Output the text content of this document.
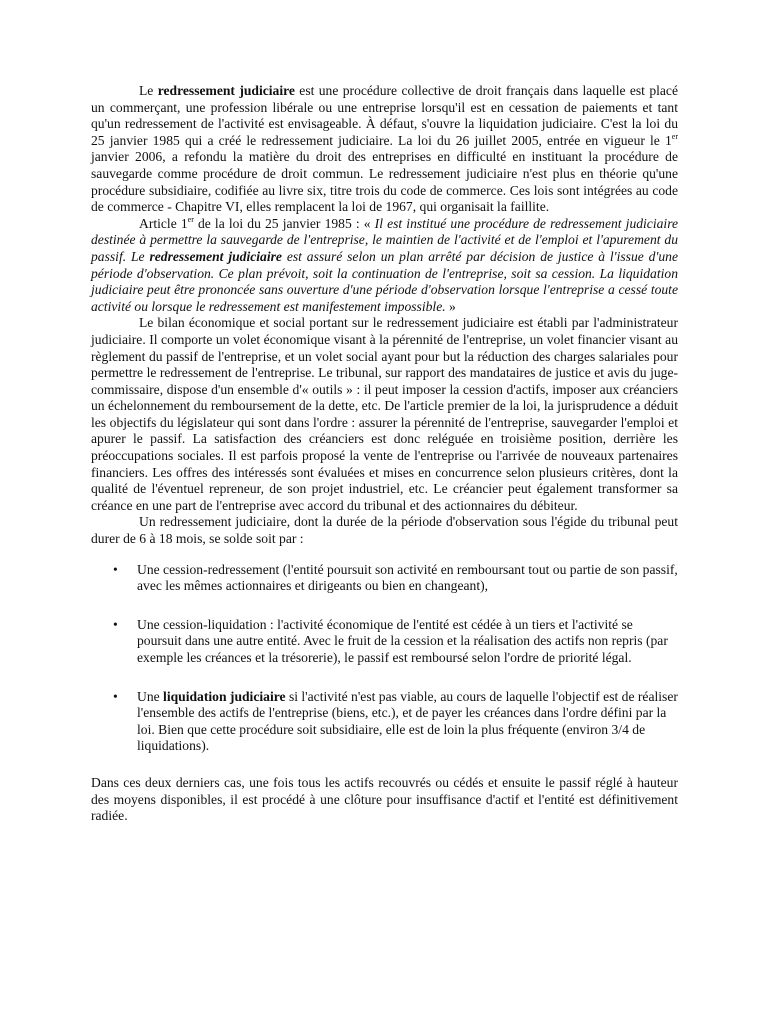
Le redressement judiciaire est une procédure collective de droit français dans laquelle est placé un commerçant, une profession libérale ou une entreprise lorsqu'il est en cessation de paiements et tant qu'un redressement de l'activité est envisageable. À défaut, s'ouvre la liquidation judiciaire. C'est la loi du 25 janvier 1985 qui a créé le redressement judiciaire. La loi du 26 juillet 2005, entrée en vigueur le 1er janvier 2006, a refondu la matière du droit des entreprises en difficulté en instituant la procédure de sauvegarde comme procédure de droit commun. Le redressement judiciaire n'est plus en théorie qu'une procédure subsidiaire, codifiée au livre six, titre trois du code de commerce. Ces lois sont intégrées au code de commerce - Chapitre VI, elles remplacent la loi de 1967, qui organisait la faillite.

Article 1er de la loi du 25 janvier 1985 : « Il est institué une procédure de redressement judiciaire destinée à permettre la sauvegarde de l'entreprise, le maintien de l'activité et de l'emploi et l'apurement du passif. Le redressement judiciaire est assuré selon un plan arrêté par décision de justice à l'issue d'une période d'observation. Ce plan prévoit, soit la continuation de l'entreprise, soit sa cession. La liquidation judiciaire peut être prononcée sans ouverture d'une période d'observation lorsque l'entreprise a cessé toute activité ou lorsque le redressement est manifestement impossible. »

Le bilan économique et social portant sur le redressement judiciaire est établi par l'administrateur judiciaire. Il comporte un volet économique visant à la pérennité de l'entreprise, un volet financier visant au règlement du passif de l'entreprise, et un volet social ayant pour but la réduction des charges salariales pour permettre le redressement de l'entreprise. Le tribunal, sur rapport des mandataires de justice et avis du juge-commissaire, dispose d'un ensemble d'« outils » : il peut imposer la cession d'actifs, imposer aux créanciers un échelonnement du remboursement de la dette, etc. De l'article premier de la loi, la jurisprudence a déduit les objectifs du législateur qui sont dans l'ordre : assurer la pérennité de l'entreprise, sauvegarder l'emploi et apurer le passif. La satisfaction des créanciers est donc reléguée en troisième position, derrière les préoccupations sociales. Il est parfois proposé la vente de l'entreprise ou l'arrivée de nouveaux partenaires financiers. Les offres des intéressés sont évaluées et mises en concurrence selon plusieurs critères, dont la qualité de l'éventuel repreneur, de son projet industriel, etc. Le créancier peut également transformer sa créance en une part de l'entreprise avec accord du tribunal et des actionnaires du débiteur.

Un redressement judiciaire, dont la durée de la période d'observation sous l'égide du tribunal peut durer de 6 à 18 mois, se solde soit par :

• Une cession-redressement (l'entité poursuit son activité en remboursant tout ou partie de son passif, avec les mêmes actionnaires et dirigeants ou bien en changeant),
• Une cession-liquidation : l'activité économique de l'entité est cédée à un tiers et l'activité se poursuit dans une autre entité. Avec le fruit de la cession et la réalisation des actifs non repris (par exemple les créances et la trésorerie), le passif est remboursé selon l'ordre de priorité légal.
• Une liquidation judiciaire si l'activité n'est pas viable, au cours de laquelle l'objectif est de réaliser l'ensemble des actifs de l'entreprise (biens, etc.), et de payer les créances dans l'ordre défini par la loi. Bien que cette procédure soit subsidiaire, elle est de loin la plus fréquente (environ 3/4 de liquidations).

Dans ces deux derniers cas, une fois tous les actifs recouvrés ou cédés et ensuite le passif réglé à hauteur des moyens disponibles, il est procédé à une clôture pour insuffisance d'actif et l'entité est définitivement radiée.
